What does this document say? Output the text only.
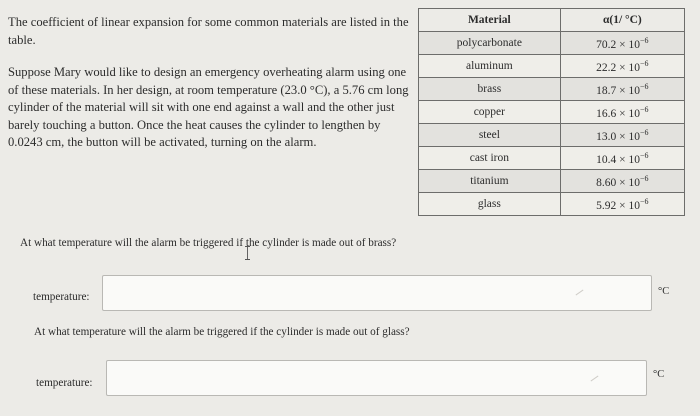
The coefficient of linear expansion for some common materials are listed in the table.

Suppose Mary would like to design an emergency overheating alarm using one of these materials. In her design, at room temperature (23.0 °C), a 5.76 cm long cylinder of the material will sit with one end against a wall and the other just barely touching a button. Once the heat causes the cylinder to lengthen by 0.0243 cm, the button will be activated, turning on the alarm.

Material	α(1/ °C)
polycarbonate	$70.2 \times 10^{-6}$
aluminum	$22.2 \times 10^{-6}$
brass	$18.7 \times 10^{-6}$
copper	$16.6 \times 10^{-6}$
steel	$13.0 \times 10^{-6}$
cast iron	$10.4 \times 10^{-6}$
titanium	$8.60 \times 10^{-6}$
glass	$5.92 \times 10^{-6}$
At what temperature will the alarm be triggered if the cylinder is made out of brass?
temperature:	°C
At what temperature will the alarm be triggered if the cylinder is made out of glass?
temperature:
°C
